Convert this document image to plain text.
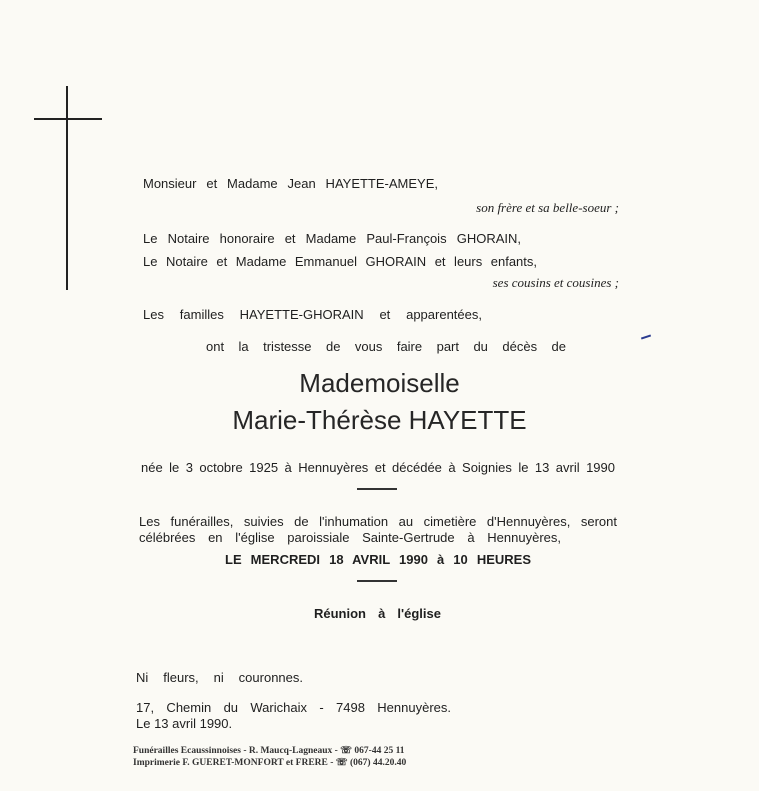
Monsieur et Madame Jean HAYETTE-AMEYE,
son frère et sa belle-soeur ;
Le Notaire honoraire et Madame Paul-François GHORAIN,
Le Notaire et Madame Emmanuel GHORAIN et leurs enfants,
ses cousins et cousines ;
Les familles HAYETTE-GHORAIN et apparentées,
ont la tristesse de vous faire part du décès de
Mademoiselle
Marie-Thérèse HAYETTE
née le 3 octobre 1925 à Hennuyères et décédée à Soignies le 13 avril 1990
Les funérailles, suivies de l'inhumation au cimetière d'Hennuyères, seront
célébrées en l'église paroissiale Sainte-Gertrude à Hennuyères,
LE MERCREDI 18 AVRIL 1990 à 10 HEURES
Réunion à l'église
Ni fleurs, ni couronnes.
17, Chemin du Warichaix - 7498 Hennuyères.
Le 13 avril 1990.
Funérailles Ecaussinnoises - R. Maucq-Lagneaux - ☏ 067-44 25 11
Imprimerie F. GUERET-MONFORT et FRERE - ☏ (067) 44.20.40
